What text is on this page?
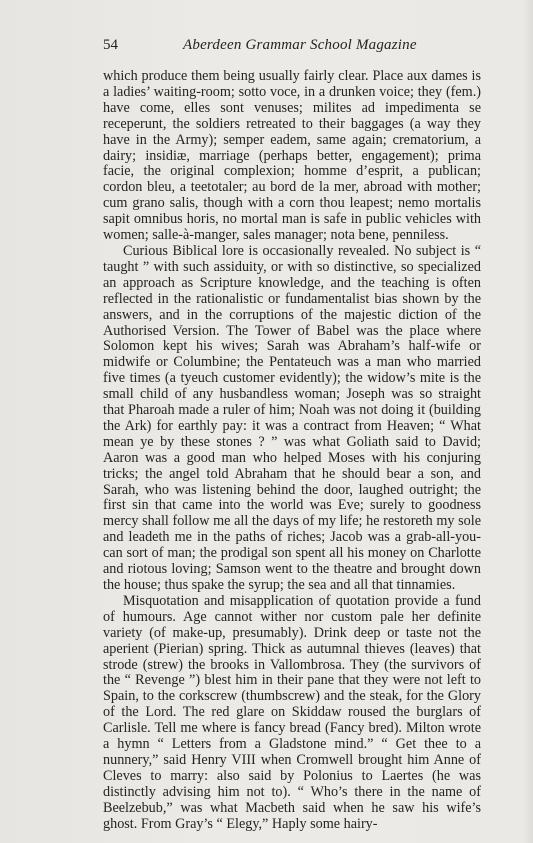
54	Aberdeen Grammar School Magazine

which produce them being usually fairly clear. Place aux dames is a ladies’ waiting-room; sotto voce, in a drunken voice; they (fem.) have come, elles sont venuses; milites ad impedimenta se receperunt, the soldiers retreated to their baggages (a way they have in the Army); semper eadem, same again; crematorium, a dairy; insidiæ, marriage (perhaps better, engagement); prima facie, the original complexion; homme d’esprit, a publican; cordon bleu, a teetotaler; au bord de la mer, abroad with mother; cum grano salis, though with a corn thou leapest; nemo mortalis sapit omnibus horis, no mortal man is safe in public vehicles with women; salle-à-manger, sales manager; nota bene, penniless.

Curious Biblical lore is occasionally revealed. No subject is “ taught ” with such assiduity, or with so distinctive, so specialized an approach as Scripture knowledge, and the teaching is often reflected in the rationalistic or fundamentalist bias shown by the answers, and in the corruptions of the majestic diction of the Authorised Version. The Tower of Babel was the place where Solomon kept his wives; Sarah was Abraham’s half-wife or midwife or Columbine; the Pentateuch was a man who married five times (a tyeuch customer evidently); the widow’s mite is the small child of any husbandless woman; Joseph was so straight that Pharoah made a ruler of him; Noah was not doing it (building the Ark) for earthly pay: it was a contract from Heaven; “ What mean ye by these stones ? ” was what Goliath said to David; Aaron was a good man who helped Moses with his conjuring tricks; the angel told Abraham that he should bear a son, and Sarah, who was listening behind the door, laughed outright; the first sin that came into the world was Eve; surely to goodness mercy shall follow me all the days of my life; he restoreth my sole and leadeth me in the paths of riches; Jacob was a grab-all-you-can sort of man; the prodigal son spent all his money on Charlotte and riotous loving; Samson went to the theatre and brought down the house; thus spake the syrup; the sea and all that tinnamies.

Misquotation and misapplication of quotation provide a fund of humours. Age cannot wither nor custom pale her definite variety (of make-up, presumably). Drink deep or taste not the aperient (Pierian) spring. Thick as autumnal thieves (leaves) that strode (strew) the brooks in Vallombrosa. They (the survivors of the “ Revenge ”) blest him in their pane that they were not left to Spain, to the corkscrew (thumbscrew) and the steak, for the Glory of the Lord. The red glare on Skiddaw roused the burglars of Carlisle. Tell me where is fancy bread (Fancy bred). Milton wrote a hymn “ Letters from a Gladstone mind.” “ Get thee to a nunnery,” said Henry VIII when Cromwell brought him Anne of Cleves to marry: also said by Polonius to Laertes (he was distinctly advising him not to). “ Who’s there in the name of Beelzebub,” was what Macbeth said when he saw his wife’s ghost. From Gray’s “ Elegy,” Haply some hairy-
